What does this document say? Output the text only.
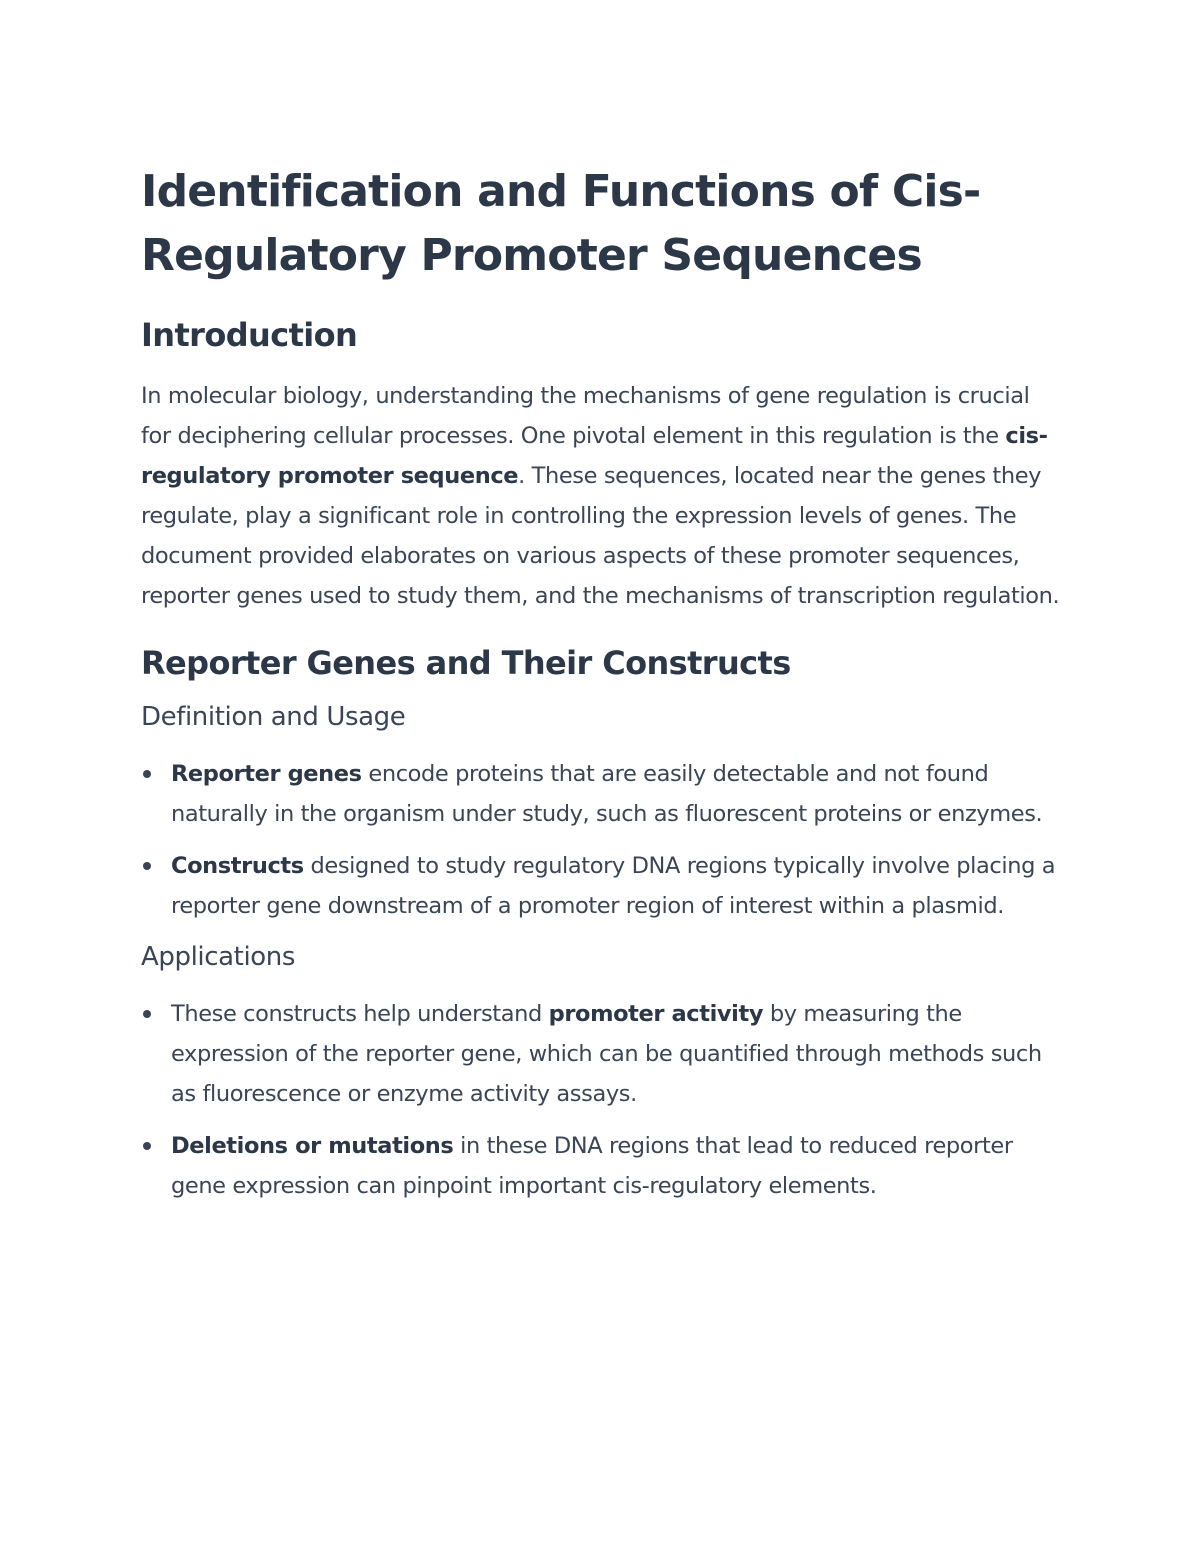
Identification and Functions of Cis-Regulatory Promoter Sequences
Introduction

In molecular biology, understanding the mechanisms of gene regulation is crucial for deciphering cellular processes. One pivotal element in this regulation is the cis-regulatory promoter sequence. These sequences, located near the genes they regulate, play a significant role in controlling the expression levels of genes. The document provided elaborates on various aspects of these promoter sequences, reporter genes used to study them, and the mechanisms of transcription regulation.

Reporter Genes and Their Constructs
Definition and Usage
Reporter genes encode proteins that are easily detectable and not found naturally in the organism under study, such as fluorescent proteins or enzymes.
Constructs designed to study regulatory DNA regions typically involve placing a reporter gene downstream of a promoter region of interest within a plasmid.
Applications
These constructs help understand promoter activity by measuring the expression of the reporter gene, which can be quantified through methods such as fluorescence or enzyme activity assays.
Deletions or mutations in these DNA regions that lead to reduced reporter gene expression can pinpoint important cis-regulatory elements.
